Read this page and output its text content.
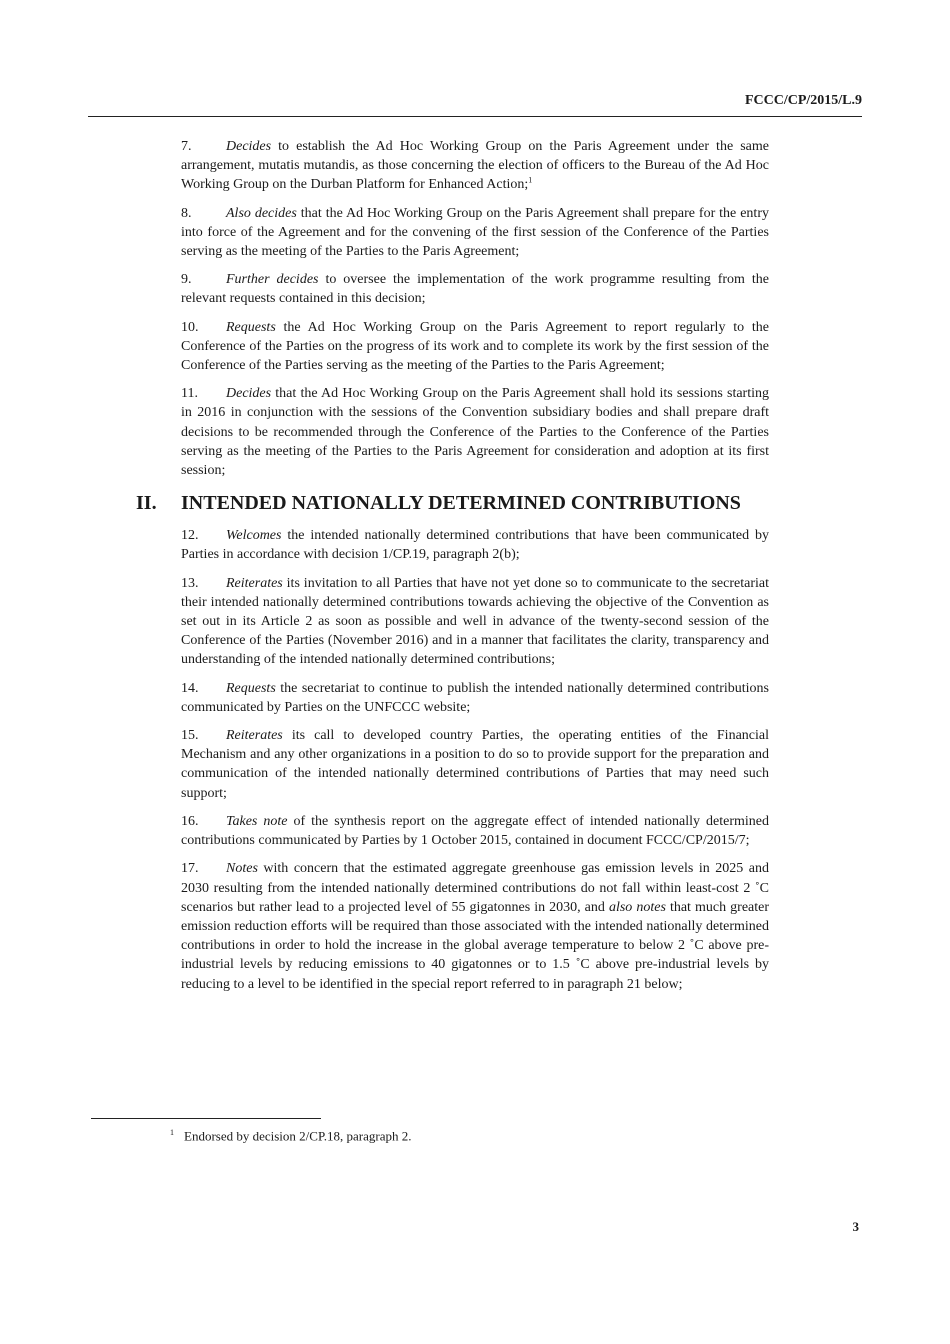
FCCC/CP/2015/L.9

7. Decides to establish the Ad Hoc Working Group on the Paris Agreement under the same arrangement, mutatis mutandis, as those concerning the election of officers to the Bureau of the Ad Hoc Working Group on the Durban Platform for Enhanced Action;$^1$

8. Also decides that the Ad Hoc Working Group on the Paris Agreement shall prepare for the entry into force of the Agreement and for the convening of the first session of the Conference of the Parties serving as the meeting of the Parties to the Paris Agreement;

9. Further decides to oversee the implementation of the work programme resulting from the relevant requests contained in this decision;

10. Requests the Ad Hoc Working Group on the Paris Agreement to report regularly to the Conference of the Parties on the progress of its work and to complete its work by the first session of the Conference of the Parties serving as the meeting of the Parties to the Paris Agreement;

11. Decides that the Ad Hoc Working Group on the Paris Agreement shall hold its sessions starting in 2016 in conjunction with the sessions of the Convention subsidiary bodies and shall prepare draft decisions to be recommended through the Conference of the Parties to the Conference of the Parties serving as the meeting of the Parties to the Paris Agreement for consideration and adoption at its first session;

II. INTENDED NATIONALLY DETERMINED CONTRIBUTIONS

12. Welcomes the intended nationally determined contributions that have been communicated by Parties in accordance with decision 1/CP.19, paragraph 2(b);

13. Reiterates its invitation to all Parties that have not yet done so to communicate to the secretariat their intended nationally determined contributions towards achieving the objective of the Convention as set out in its Article 2 as soon as possible and well in advance of the twenty-second session of the Conference of the Parties (November 2016) and in a manner that facilitates the clarity, transparency and understanding of the intended nationally determined contributions;

14. Requests the secretariat to continue to publish the intended nationally determined contributions communicated by Parties on the UNFCCC website;

15. Reiterates its call to developed country Parties, the operating entities of the Financial Mechanism and any other organizations in a position to do so to provide support for the preparation and communication of the intended nationally determined contributions of Parties that may need such support;

16. Takes note of the synthesis report on the aggregate effect of intended nationally determined contributions communicated by Parties by 1 October 2015, contained in document FCCC/CP/2015/7;

17. Notes with concern that the estimated aggregate greenhouse gas emission levels in 2025 and 2030 resulting from the intended nationally determined contributions do not fall within least-cost 2 ˚C scenarios but rather lead to a projected level of 55 gigatonnes in 2030, and also notes that much greater emission reduction efforts will be required than those associated with the intended nationally determined contributions in order to hold the increase in the global average temperature to below 2 ˚C above pre-industrial levels by reducing emissions to 40 gigatonnes or to 1.5 ˚C above pre-industrial levels by reducing to a level to be identified in the special report referred to in paragraph 21 below;

$^1$ Endorsed by decision 2/CP.18, paragraph 2.
3
